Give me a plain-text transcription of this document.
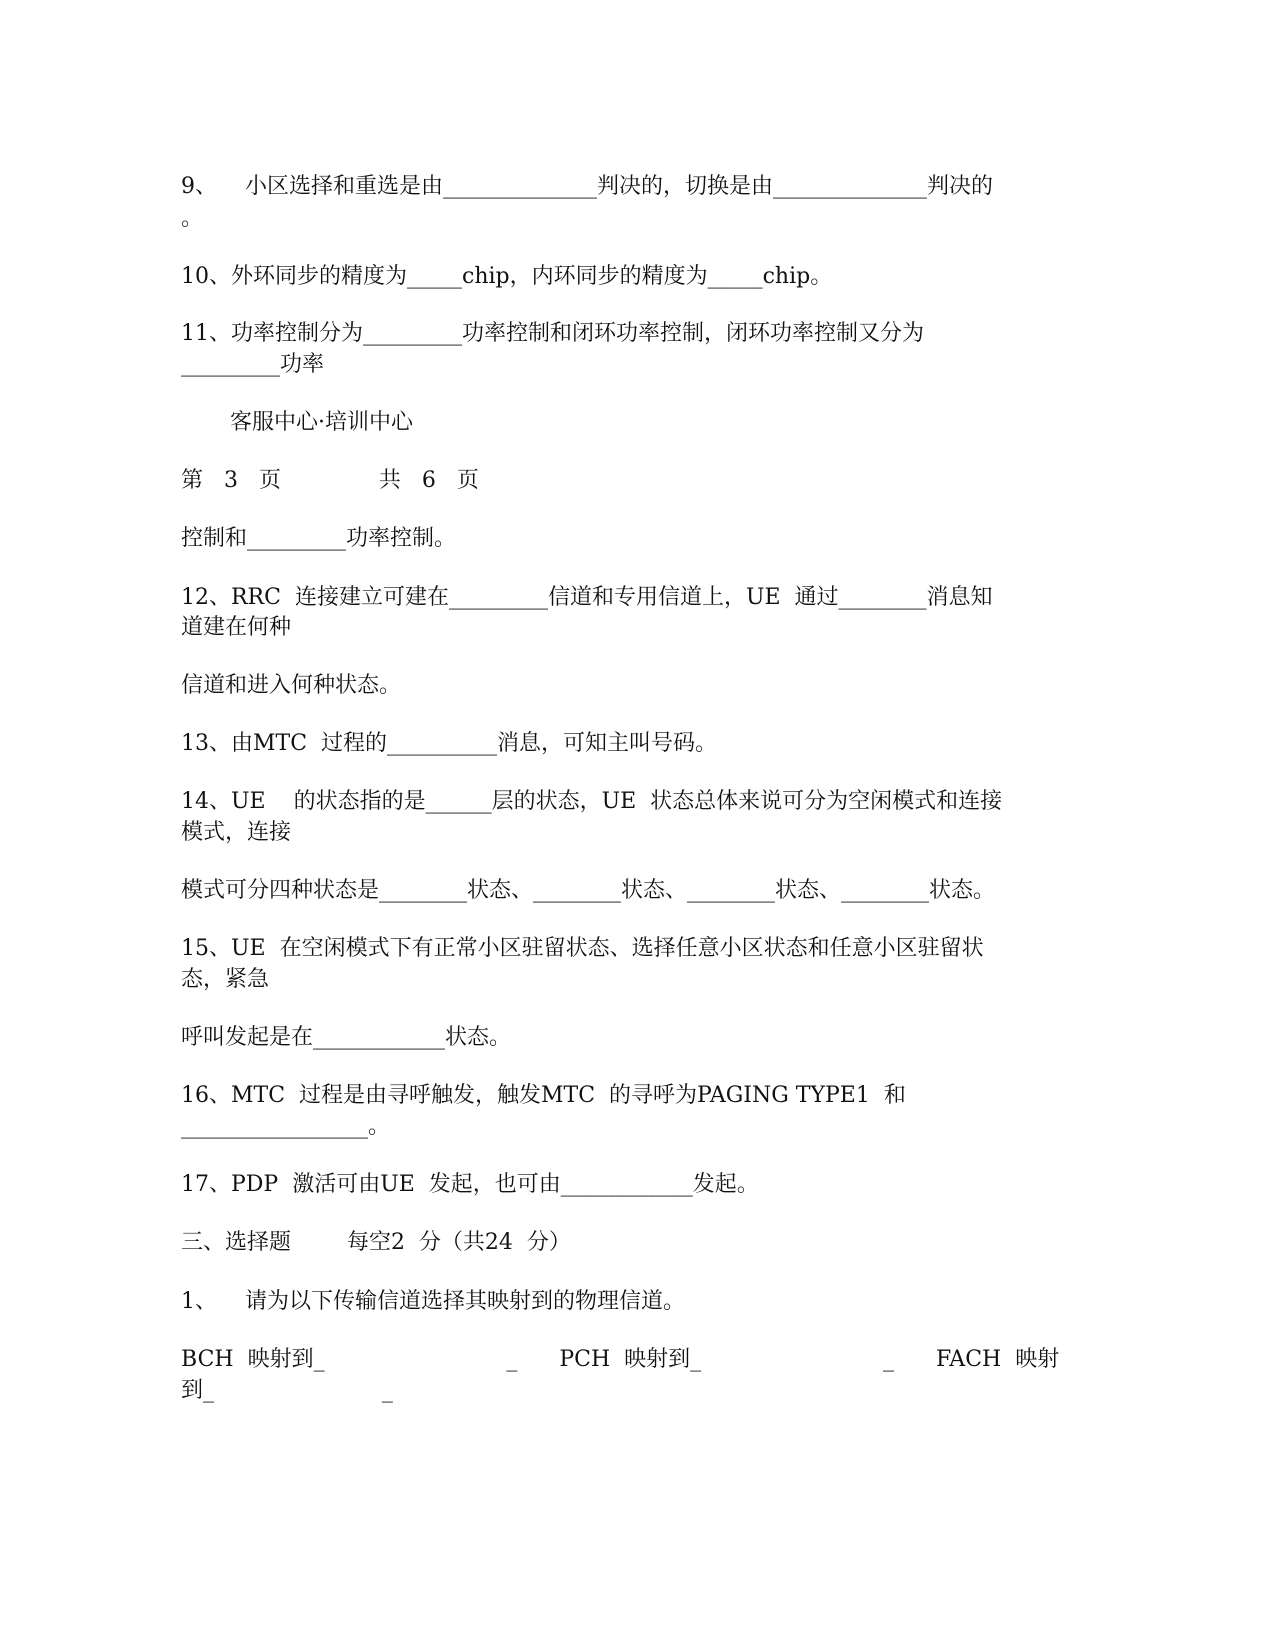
9、    小区选择和重选是由______________判决的，切换是由______________判决的
。
10、外环同步的精度为_____chip，内环同步的精度为_____chip。
11、功率控制分为_________功率控制和闭环功率控制，闭环功率控制又分为
_________功率
客服中心·培训中心
第   3   页              共   6   页
控制和_________功率控制。
12、RRC  连接建立可建在_________信道和专用信道上，UE  通过________消息知
道建在何种
信道和进入何种状态。
13、由MTC  过程的__________消息，可知主叫号码。
14、UE    的状态指的是______层的状态，UE  状态总体来说可分为空闲模式和连接
模式，连接
模式可分四种状态是________状态、________状态、________状态、________状态。
15、UE  在空闲模式下有正常小区驻留状态、选择任意小区状态和任意小区驻留状
态，紧急
呼叫发起是在____________状态。
16、MTC  过程是由寻呼触发，触发MTC  的寻呼为PAGING TYPE1  和
_________________。
17、PDP  激活可由UE  发起，也可由____________发起。
三、选择题        每空2  分（共24  分）
1、    请为以下传输信道选择其映射到的物理信道。
BCH  映射到_                          _      PCH  映射到_                          _      FACH  映射
到_                        _
